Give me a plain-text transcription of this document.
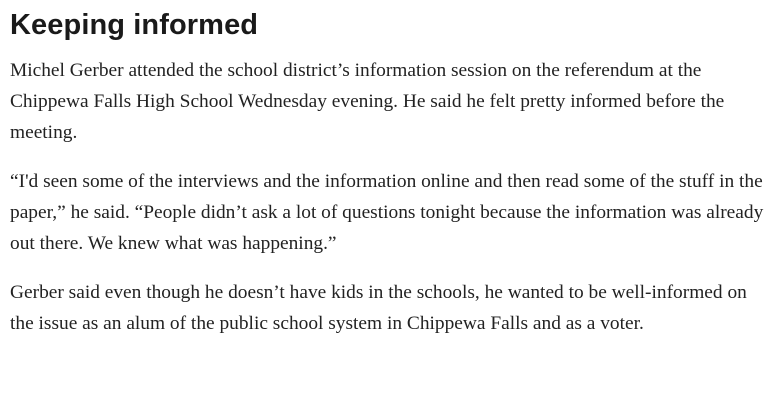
Keeping informed

Michel Gerber attended the school district’s information session on the referendum at the Chippewa Falls High School Wednesday evening. He said he felt pretty informed before the meeting.

“I'd seen some of the interviews and the information online and then read some of the stuff in the paper,” he said. “People didn’t ask a lot of questions tonight because the information was already out there. We knew what was happening.”

Gerber said even though he doesn’t have kids in the schools, he wanted to be well-informed on the issue as an alum of the public school system in Chippewa Falls and as a voter.
